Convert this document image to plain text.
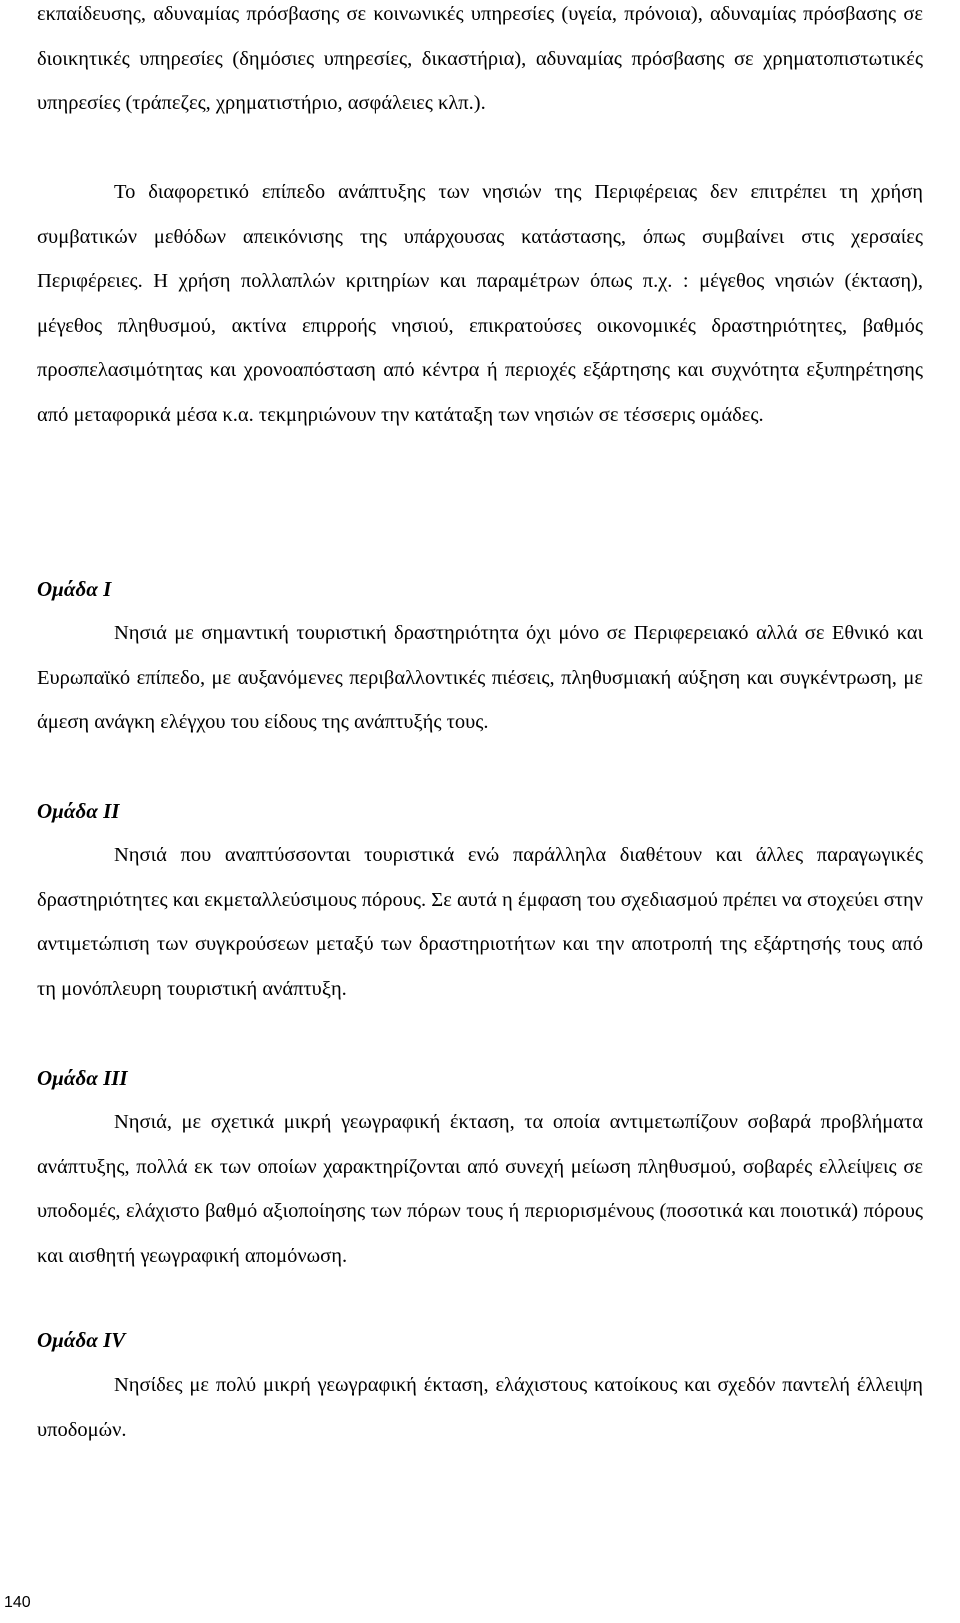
εκπαίδευσης, αδυναμίας πρόσβασης σε κοινωνικές υπηρεσίες (υγεία, πρόνοια), αδυναμίας πρόσβασης σε διοικητικές υπηρεσίες (δημόσιες υπηρεσίες, δικαστήρια), αδυναμίας πρόσβασης σε χρηματοπιστωτικές υπηρεσίες (τράπεζες, χρηματιστήριο, ασφάλειες κλπ.).

Το διαφορετικό επίπεδο ανάπτυξης των νησιών της Περιφέρειας δεν επιτρέπει τη χρήση συμβατικών μεθόδων απεικόνισης της υπάρχουσας κατάστασης, όπως συμβαίνει στις χερσαίες Περιφέρειες. Η χρήση πολλαπλών κριτηρίων και παραμέτρων όπως π.χ. : μέγεθος νησιών (έκταση), μέγεθος πληθυσμού, ακτίνα επιρροής νησιού, επικρατούσες οικονομικές δραστηριότητες, βαθμός προσπελασιμότητας και χρονοαπόσταση από κέντρα ή περιοχές εξάρτησης και συχνότητα εξυπηρέτησης από μεταφορικά μέσα κ.α. τεκμηριώνουν την κατάταξη των νησιών σε τέσσερις ομάδες.

Ομάδα Ι

Νησιά με σημαντική τουριστική δραστηριότητα όχι μόνο σε Περιφερειακό αλλά σε Εθνικό και Ευρωπαϊκό επίπεδο, με αυξανόμενες περιβαλλοντικές πιέσεις, πληθυσμιακή αύξηση και συγκέντρωση, με άμεση ανάγκη ελέγχου του είδους της ανάπτυξής τους.

Ομάδα ΙΙ

Νησιά που αναπτύσσονται τουριστικά ενώ παράλληλα διαθέτουν και άλλες παραγωγικές δραστηριότητες και εκμεταλλεύσιμους πόρους. Σε αυτά η έμφαση του σχεδιασμού πρέπει να στοχεύει στην αντιμετώπιση των συγκρούσεων μεταξύ των δραστηριοτήτων και την αποτροπή της εξάρτησής τους από τη μονόπλευρη τουριστική ανάπτυξη.

Ομάδα ΙΙΙ

Νησιά, με σχετικά μικρή γεωγραφική έκταση, τα οποία αντιμετωπίζουν σοβαρά προβλήματα ανάπτυξης, πολλά εκ των οποίων χαρακτηρίζονται από συνεχή μείωση πληθυσμού, σοβαρές ελλείψεις σε υποδομές, ελάχιστο βαθμό αξιοποίησης των πόρων τους ή περιορισμένους (ποσοτικά και ποιοτικά) πόρους και αισθητή γεωγραφική απομόνωση.

Ομάδα IV

Νησίδες με πολύ μικρή γεωγραφική έκταση, ελάχιστους κατοίκους και σχεδόν παντελή έλλειψη υποδομών.

140
